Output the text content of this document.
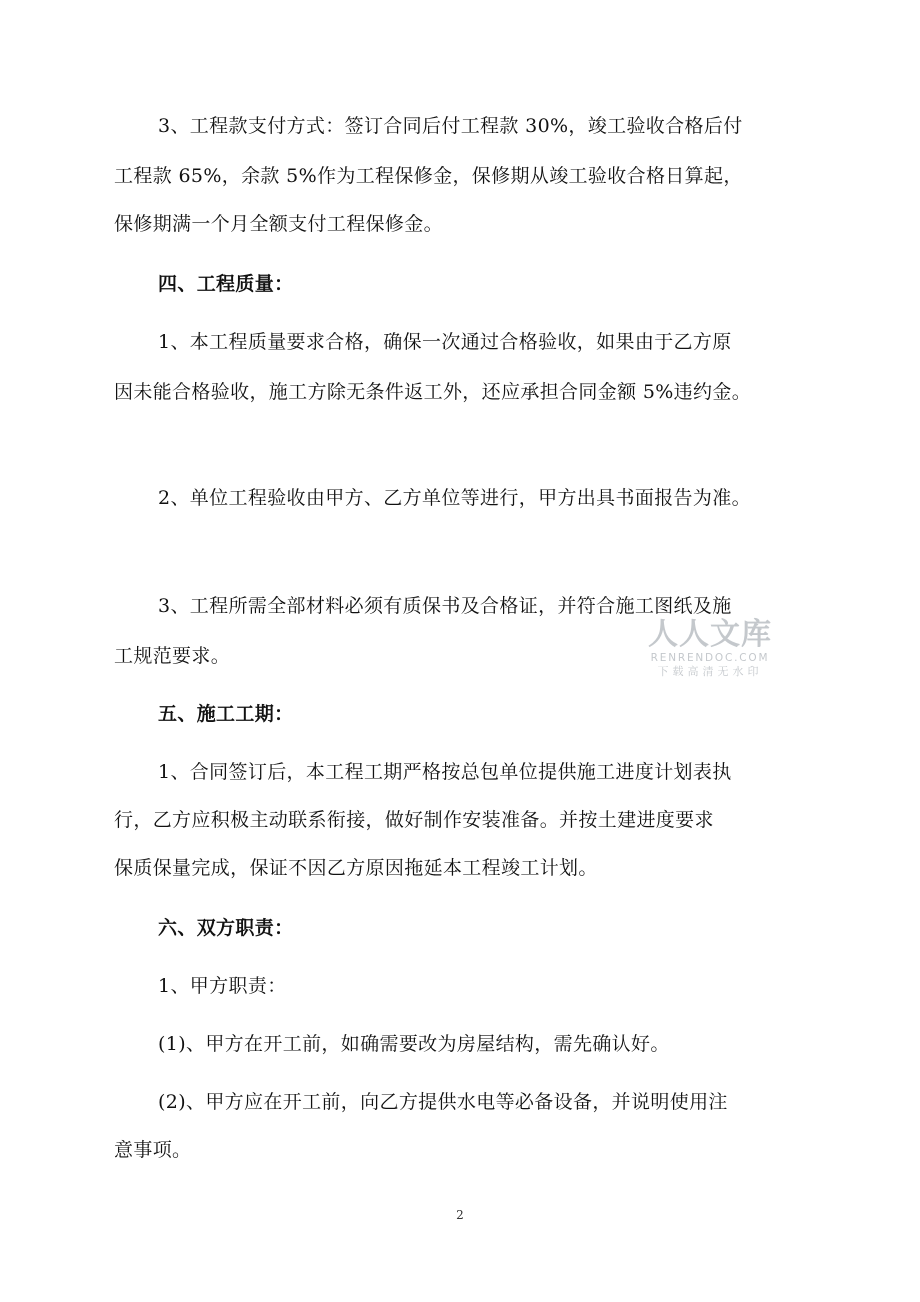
3、工程款支付方式：签订合同后付工程款 30%，竣工验收合格后付
工程款 65%，余款 5%作为工程保修金，保修期从竣工验收合格日算起，
保修期满一个月全额支付工程保修金。
四、工程质量：
1、本工程质量要求合格，确保一次通过合格验收，如果由于乙方原
因未能合格验收，施工方除无条件返工外，还应承担合同金额 5%违约金。
2、单位工程验收由甲方、乙方单位等进行，甲方出具书面报告为准。
3、工程所需全部材料必须有质保书及合格证，并符合施工图纸及施
工规范要求。
五、施工工期：
1、合同签订后，本工程工期严格按总包单位提供施工进度计划表执
行，乙方应积极主动联系衔接，做好制作安装准备。并按土建进度要求
保质保量完成，保证不因乙方原因拖延本工程竣工计划。
六、双方职责：
1、甲方职责：
(1)、甲方在开工前，如确需要改为房屋结构，需先确认好。
(2)、甲方应在开工前，向乙方提供水电等必备设备，并说明使用注
意事项。
人人文库
RENRENDOC.COM
下载高清无水印
2
